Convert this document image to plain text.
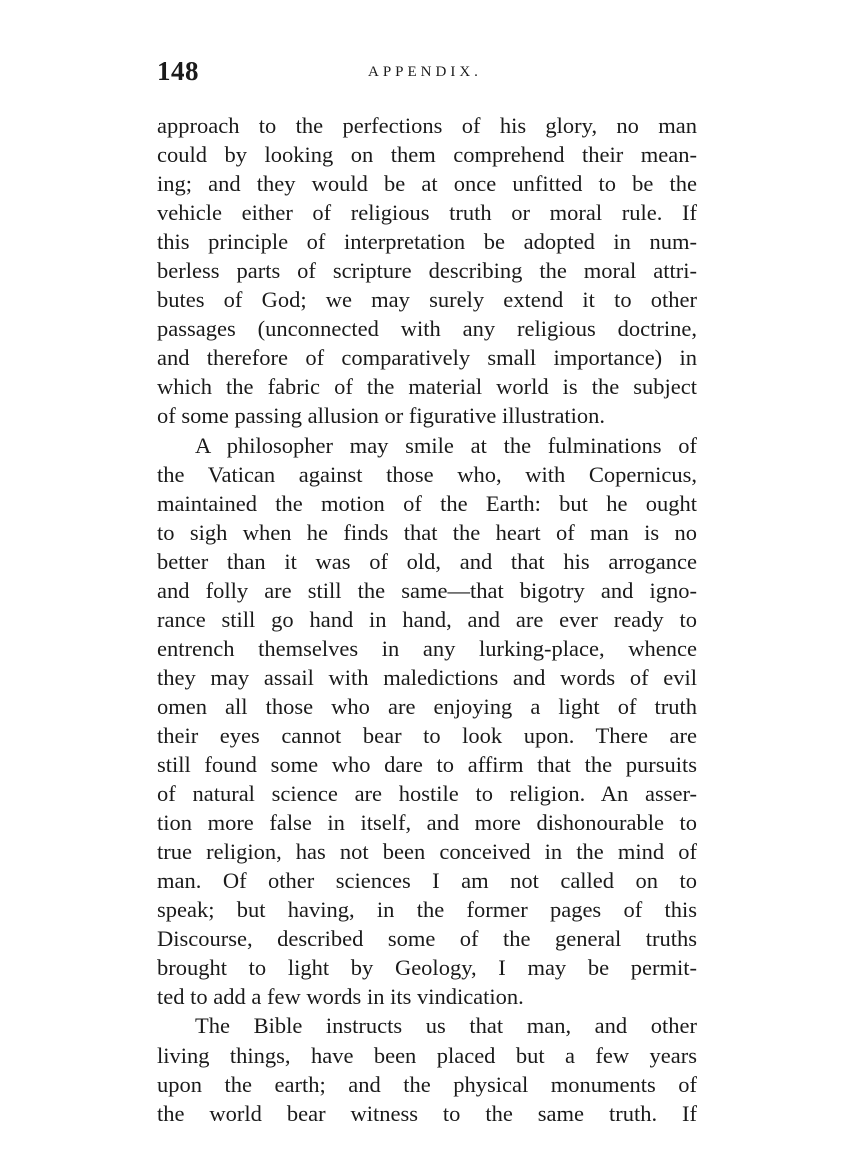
148	APPENDIX.
approach to the perfections of his glory, no man
could by looking on them comprehend their mean-
ing; and they would be at once unfitted to be the
vehicle either of religious truth or moral rule. If
this principle of interpretation be adopted in num-
berless parts of scripture describing the moral attri-
butes of God; we may surely extend it to other
passages (unconnected with any religious doctrine,
and therefore of comparatively small importance) in
which the fabric of the material world is the subject
of some passing allusion or figurative illustration.
A philosopher may smile at the fulminations of
the Vatican against those who, with Copernicus,
maintained the motion of the Earth: but he ought
to sigh when he finds that the heart of man is no
better than it was of old, and that his arrogance
and folly are still the same—that bigotry and igno-
rance still go hand in hand, and are ever ready to
entrench themselves in any lurking-place, whence
they may assail with maledictions and words of evil
omen all those who are enjoying a light of truth
their eyes cannot bear to look upon. There are
still found some who dare to affirm that the pursuits
of natural science are hostile to religion. An asser-
tion more false in itself, and more dishonourable to
true religion, has not been conceived in the mind of
man. Of other sciences I am not called on to
speak; but having, in the former pages of this
Discourse, described some of the general truths
brought to light by Geology, I may be permit-
ted to add a few words in its vindication.
The Bible instructs us that man, and other
living things, have been placed but a few years
upon the earth; and the physical monuments of
the world bear witness to the same truth. If
